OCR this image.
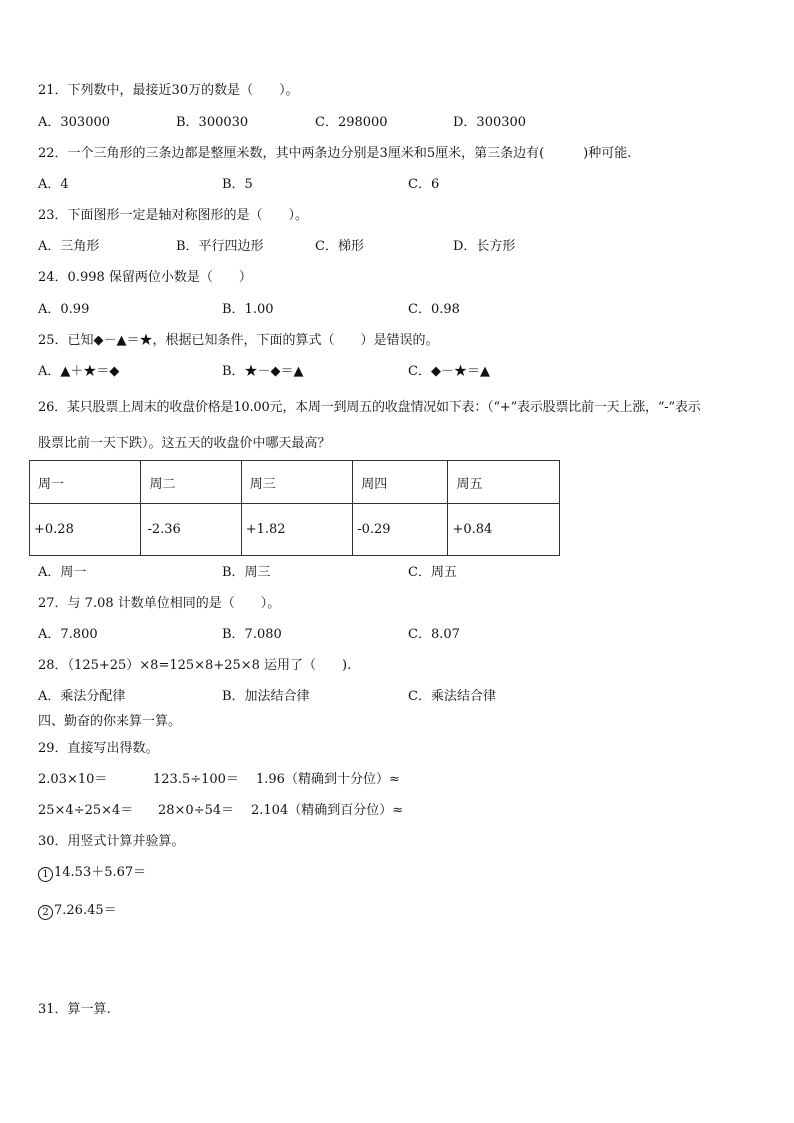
21．下列数中，最接近30万的数是（　　）。
A．303000	B．300030	C．298000	D．300300
22．一个三角形的三条边都是整厘米数，其中两条边分别是3厘米和5厘米，第三条边有(　　　)种可能.
A．4	B．5	C．6
23．下面图形一定是轴对称图形的是（　　）。
A．三角形	B．平行四边形	C．梯形	D．长方形
24．0.998 保留两位小数是（　　）
A．0.99	B．1.00	C．0.98
25．已知◆－▲＝★，根据已知条件，下面的算式（　　）是错误的。
A．▲＋★＝◆	B．★－◆＝▲	C．◆－★＝▲
26．某只股票上周末的收盘价格是10.00元，本周一到周五的收盘情况如下表：（“+”表示股票比前一天上涨，“-”表示
股票比前一天下跌）。这五天的收盘价中哪天最高？
周一	周二	周三	周四	周五
+0.28	-2.36	+1.82	-0.29	+0.84
A．周一	B．周三	C．周五
27．与 7.08 计数单位相同的是（　　）。
A．7.800	B．7.080	C．8.07
28．（125+25）×8=125×8+25×8 运用了（　　).
A．乘法分配律	B．加法结合律	C．乘法结合律
四、勤奋的你来算一算。
29．直接写出得数。
2.03×10＝	123.5÷100＝ 1.96（精确到十分位）≈
25×4÷25×4＝ 28×0÷54＝ 2.104（精确到百分位）≈
30．用竖式计算并验算。
1 14.53＋5.67＝
2 7.26.45＝
31．算一算.
